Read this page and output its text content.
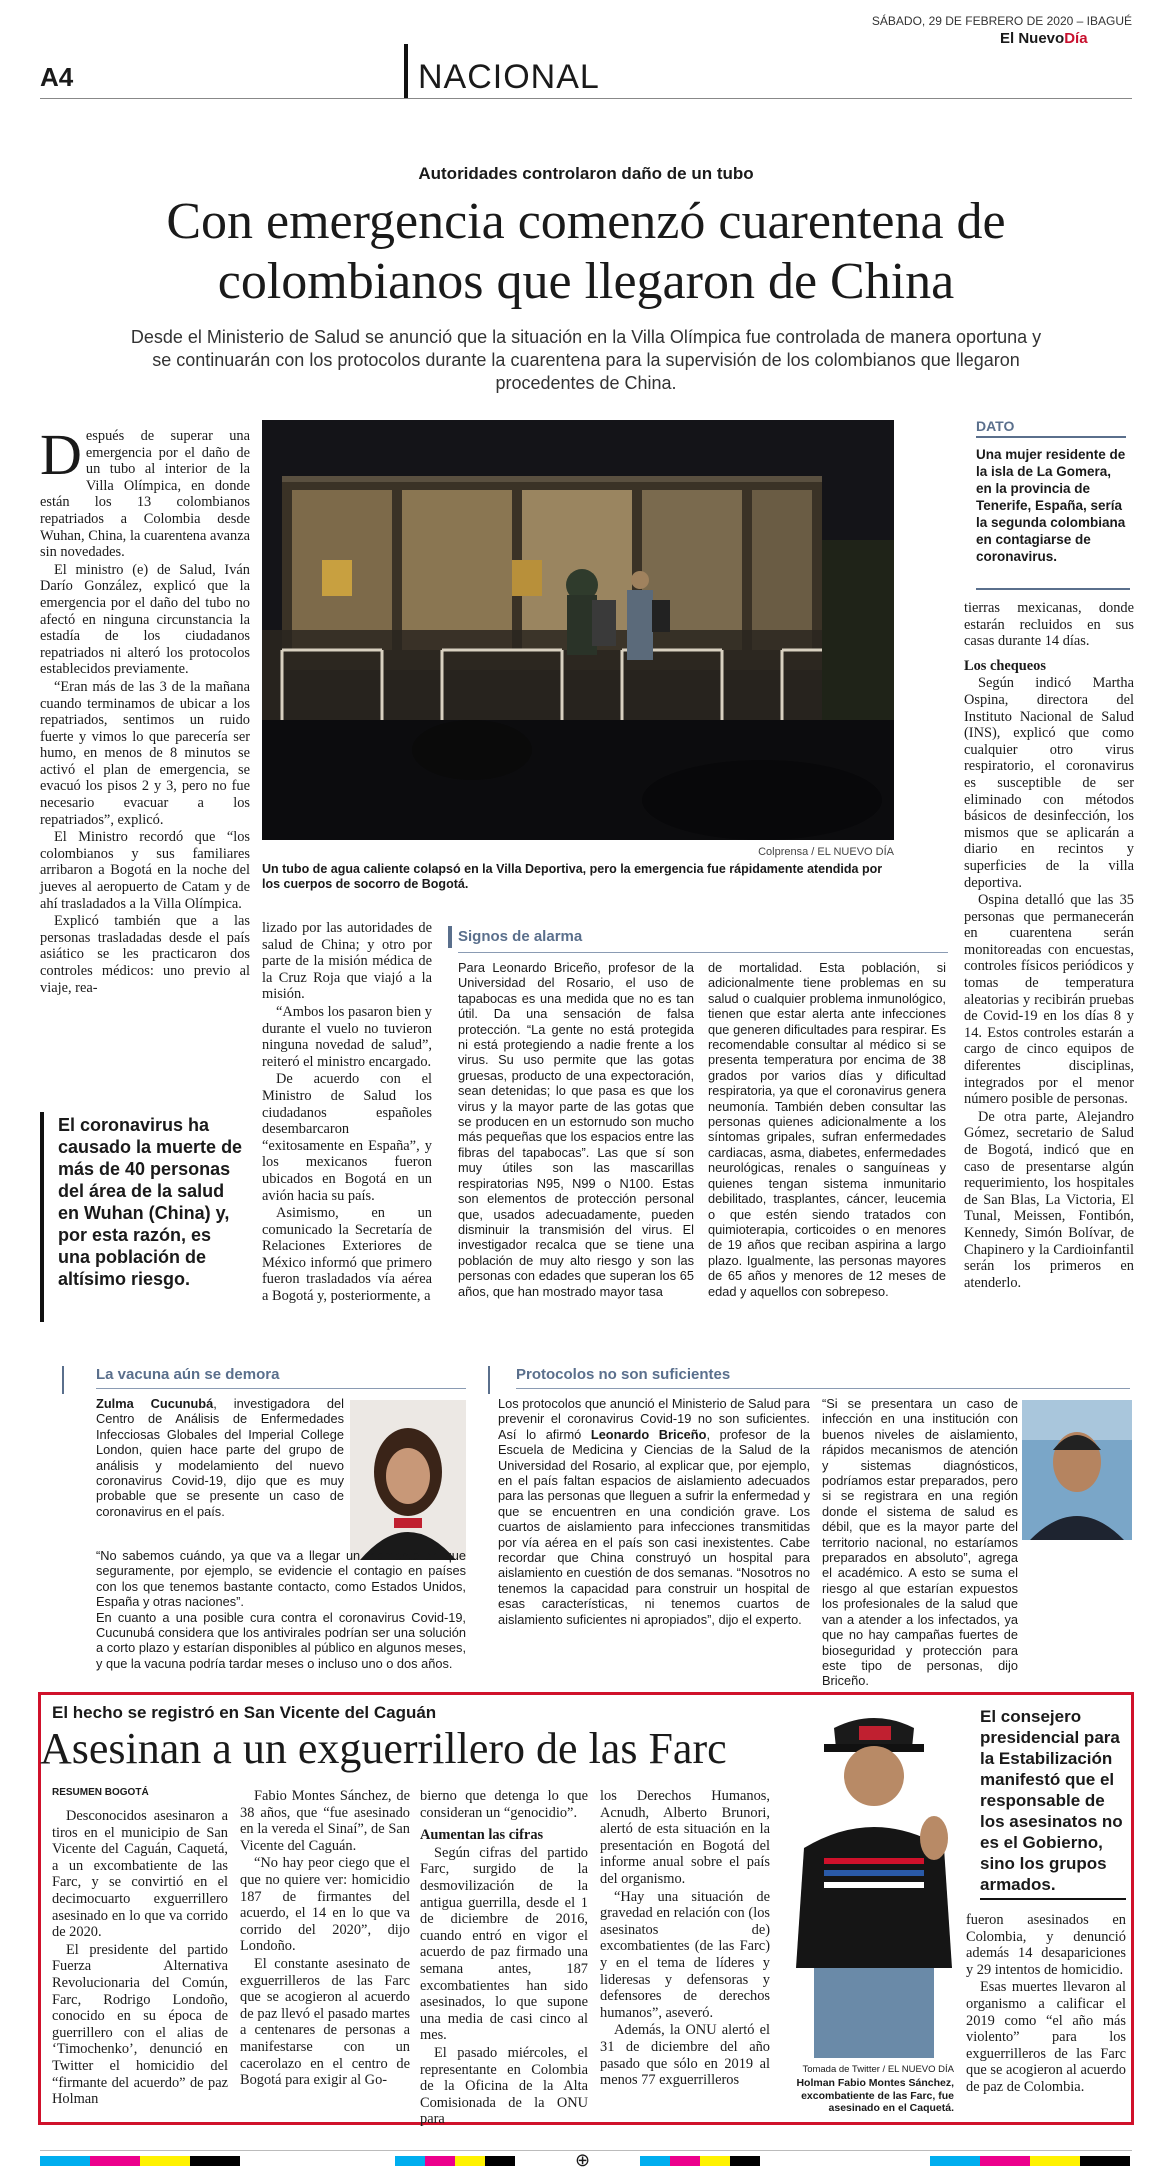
SÁBADO, 29 DE FEBRERO DE 2020 – IBAGUÉ
El NuevoDía
A4	NACIONAL
Autoridades controlaron daño de un tubo
Con emergencia comenzó cuarentena de colombianos que llegaron de China
Desde el Ministerio de Salud se anunció que la situación en la Villa Olímpica fue controlada de manera oportuna y se continuarán con los protocolos durante la cuarentena para la supervisión de los colombianos que llegaron procedentes de China.

Después de superar una emergencia por el daño de un tubo al interior de la Villa Olímpica, en donde están los 13 colombianos repatriados a Colombia desde Wuhan, China, la cuarentena avanza sin novedades.

El ministro (e) de Salud, Iván Darío González, explicó que la emergencia por el daño del tubo no afectó en ninguna circunstancia la estadía de los ciudadanos repatriados ni alteró los protocolos establecidos previamente.

“Eran más de las 3 de la mañana cuando terminamos de ubicar a los repatriados, sentimos un ruido fuerte y vimos lo que parecería ser humo, en menos de 8 minutos se activó el plan de emergencia, se evacuó los pisos 2 y 3, pero no fue necesario evacuar a los repatriados”, explicó.

El Ministro recordó que “los colombianos y sus familiares arribaron a Bogotá en la noche del jueves al aeropuerto de Catam y de ahí trasladados a la Villa Olímpica.

Explicó también que a las personas trasladadas desde el país asiático se les practicaron dos controles médicos: uno previo al viaje, rea-

El coronavirus ha causado la muerte de más de 40 personas del área de la salud en Wuhan (China) y, por esta razón, es una población de altísimo riesgo.
Colprensa / EL NUEVO DÍA
Un tubo de agua caliente colapsó en la Villa Deportiva, pero la emergencia fue rápidamente atendida por los cuerpos de socorro de Bogotá.
DATO
Una mujer residente de la isla de La Gomera, en la provincia de Tenerife, España, sería la segunda colombiana en contagiarse de coronavirus.

tierras mexicanas, donde estarán recluidos en sus casas durante 14 días.

Los chequeos

Según indicó Martha Ospina, directora del Instituto Nacional de Salud (INS), explicó que como cualquier otro virus respiratorio, el coronavirus es susceptible de ser eliminado con métodos básicos de desinfección, los mismos que se aplicarán a diario en recintos y superficies de la villa deportiva.

Ospina detalló que las 35 personas que permanecerán en cuarentena serán monitoreadas con encuestas, controles físicos periódicos y tomas de temperatura aleatorias y recibirán pruebas de Covid-19 en los días 8 y 14. Estos controles estarán a cargo de cinco equipos de diferentes disciplinas, integrados por el menor número posible de personas.

De otra parte, Alejandro Gómez, secretario de Salud de Bogotá, indicó que en caso de presentarse algún requerimiento, los hospitales de San Blas, La Victoria, El Tunal, Meissen, Fontibón, Kennedy, Simón Bolívar, de Chapinero y la Cardioinfantil serán los primeros en atenderlo.

lizado por las autoridades de salud de China; y otro por parte de la misión médica de la Cruz Roja que viajó a la misión.

“Ambos los pasaron bien y durante el vuelo no tuvieron ninguna novedad de salud”, reiteró el ministro encargado.

De acuerdo con el Ministro de Salud los ciudadanos españoles desembarcaron “exitosamente en España”, y los mexicanos fueron ubicados en Bogotá en un avión hacia su país.

Asimismo, en un comunicado la Secretaría de Relaciones Exteriores de México informó que primero fueron trasladados vía aérea a Bogotá y, posteriormente, a

Signos de alarma
Para Leonardo Briceño, profesor de la Universidad del Rosario, el uso de tapabocas es una medida que no es tan útil. Da una sensación de falsa protección. “La gente no está protegida ni está protegiendo a nadie frente a los virus. Su uso permite que las gotas gruesas, producto de una expectoración, sean detenidas; lo que pasa es que los virus y la mayor parte de las gotas que se producen en un estornudo son mucho más pequeñas que los espacios entre las fibras del tapabocas”. Las que sí son muy útiles son las mascarillas respiratorias N95, N99 o N100. Estas son elementos de protección personal que, usados adecuadamente, pueden disminuir la transmisión del virus. El investigador recalca que se tiene una población de muy alto riesgo y son las personas con edades que superan los 65 años, que han mostrado mayor tasa
de mortalidad. Esta población, si adicionalmente tiene problemas en su salud o cualquier problema inmunológico, tienen que estar alerta ante infecciones que generen dificultades para respirar. Es recomendable consultar al médico si se presenta temperatura por encima de 38 grados por varios días y dificultad respiratoria, ya que el coronavirus genera neumonía. También deben consultar las personas quienes adicionalmente a los síntomas gripales, sufran enfermedades cardiacas, asma, diabetes, enfermedades neurológicas, renales o sanguíneas y quienes tengan sistema inmunitario debilitado, trasplantes, cáncer, leucemia o que estén siendo tratados con quimioterapia, corticoides o en menores de 19 años que reciban aspirina a largo plazo. Igualmente, las personas mayores de 65 años y menores de 12 meses de edad y aquellos con sobrepeso.
La vacuna aún se demora
Zulma Cucunubá, investigadora del Centro de Análisis de Enfermedades Infecciosas Globales del Imperial College London, quien hace parte del grupo de análisis y modelamiento del nuevo coronavirus Covid-19, dijo que es muy probable que se presente un caso de coronavirus en el país.

“No sabemos cuándo, ya que va a llegar un momento en que seguramente, por ejemplo, se evidencie el contagio en países con los que tenemos bastante contacto, como Estados Unidos, España y otras naciones”.

En cuanto a una posible cura contra el coronavirus Covid-19, Cucunubá considera que los antivirales podrían ser una solución a corto plazo y estarían disponibles al público en algunos meses, y que la vacuna podría tardar meses o incluso uno o dos años.

Protocolos no son suficientes
Los protocolos que anunció el Ministerio de Salud para prevenir el coronavirus Covid-19 no son suficientes. Así lo afirmó Leonardo Briceño, profesor de la Escuela de Medicina y Ciencias de la Salud de la Universidad del Rosario, al explicar que, por ejemplo, en el país faltan espacios de aislamiento adecuados para las personas que lleguen a sufrir la enfermedad y que se encuentren en una condición grave. Los cuartos de aislamiento para infecciones transmitidas por vía aérea en el país son casi inexistentes. Cabe recordar que China construyó un hospital para aislamiento en cuestión de dos semanas. “Nosotros no tenemos la capacidad para construir un hospital de esas características, ni tenemos cuartos de aislamiento suficientes ni apropiados”, dijo el experto.
“Si se presentara un caso de infección en una institución con buenos niveles de aislamiento, rápidos mecanismos de atención y sistemas diagnósticos, podríamos estar preparados, pero si se registrara en una región donde el sistema de salud es débil, que es la mayor parte del territorio nacional, no estaríamos preparados en absoluto”, agrega el académico. A esto se suma el riesgo al que estarían expuestos los profesionales de la salud que van a atender a los infectados, ya que no hay campañas fuertes de bioseguridad y protección para este tipo de personas, dijo Briceño.
El hecho se registró en San Vicente del Caguán
Asesinan a un exguerrillero de las Farc
RESUMEN BOGOTÁ

Desconocidos asesinaron a tiros en el municipio de San Vicente del Caguán, Caquetá, a un excombatiente de las Farc, y se convirtió en el decimocuarto exguerrillero asesinado en lo que va corrido de 2020.

El presidente del partido Fuerza Alternativa Revolucionaria del Común, Farc, Rodrigo Londoño, conocido en su época de guerrillero con el alias de ‘Timochenko’, denunció en Twitter el homicidio del “firmante del acuerdo” de paz Holman

Fabio Montes Sánchez, de 38 años, que “fue asesinado en la vereda el Sinaí”, de San Vicente del Caguán.

“No hay peor ciego que el que no quiere ver: homicidio 187 de firmantes del acuerdo, el 14 en lo que va corrido del 2020”, dijo Londoño.

El constante asesinato de exguerrilleros de las Farc que se acogieron al acuerdo de paz llevó el pasado martes a centenares de personas a manifestarse con un cacerolazo en el centro de Bogotá para exigir al Go-

bierno que detenga lo que consideran un “genocidio”.

Aumentan las cifras

Según cifras del partido Farc, surgido de la desmovilización de la antigua guerrilla, desde el 1 de diciembre de 2016, cuando entró en vigor el acuerdo de paz firmado una semana antes, 187 excombatientes han sido asesinados, lo que supone una media de casi cinco al mes.

El pasado miércoles, el representante en Colombia de la Oficina de la Alta Comisionada de la ONU para

los Derechos Humanos, Acnudh, Alberto Brunori, alertó de esta situación en la presentación en Bogotá del informe anual sobre el país del organismo.

“Hay una situación de gravedad en relación con (los asesinatos de) excombatientes (de las Farc) y en el tema de líderes y lideresas y defensoras y defensores de derechos humanos”, aseveró.

Además, la ONU alertó el 31 de diciembre del año pasado que sólo en 2019 al menos 77 exguerrilleros

Tomada de Twitter / EL NUEVO DÍA
Holman Fabio Montes Sánchez, excombatiente de las Farc, fue asesinado en el Caquetá.
El consejero presidencial para la Estabilización manifestó que el responsable de los asesinatos no es el Gobierno, sino los grupos armados.

fueron asesinados en Colombia, y denunció además 14 desapariciones y 29 intentos de homicidio.

Esas muertes llevaron al organismo a calificar el 2019 como “el año más violento” para los exguerrilleros de las Farc que se acogieron al acuerdo de paz de Colombia.

⊕
